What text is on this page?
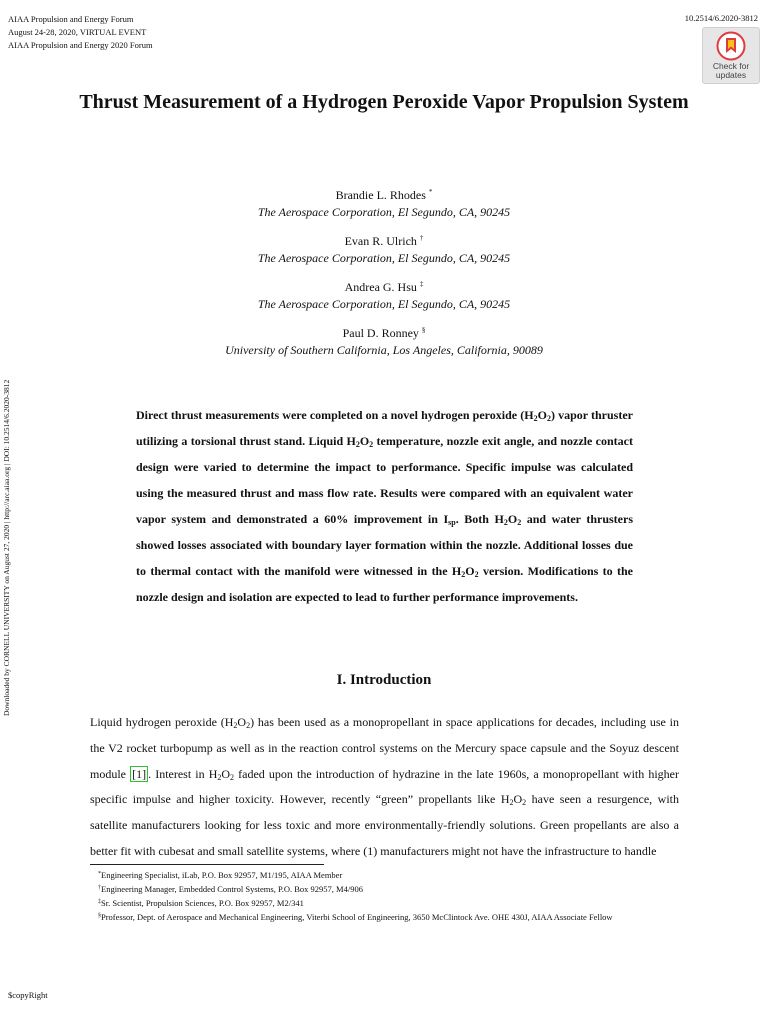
AIAA Propulsion and Energy Forum
August 24-28, 2020, VIRTUAL EVENT
AIAA Propulsion and Energy 2020 Forum
10.2514/6.2020-3812
Check for
updates
Downloaded by CORNELL UNIVERSITY on August 27, 2020 | http://arc.aiaa.org | DOI: 10.2514/6.2020-3812
Thrust Measurement of a Hydrogen Peroxide Vapor Propulsion System
Brandie L. Rhodes *
The Aerospace Corporation, El Segundo, CA, 90245
Evan R. Ulrich †
The Aerospace Corporation, El Segundo, CA, 90245
Andrea G. Hsu ‡
The Aerospace Corporation, El Segundo, CA, 90245
Paul D. Ronney §
University of Southern California, Los Angeles, California, 90089
Direct thrust measurements were completed on a novel hydrogen peroxide $(H_2O_2)$ vapor thruster utilizing a torsional thrust stand. Liquid $H_2O_2$ temperature, nozzle exit angle, and nozzle contact design were varied to determine the impact to performance. Specific impulse was calculated using the measured thrust and mass flow rate. Results were compared with an equivalent water vapor system and demonstrated a 60% improvement in $I_{sp}$. Both $H_2O_2$ and water thrusters showed losses associated with boundary layer formation within the nozzle. Additional losses due to thermal contact with the manifold were witnessed in the $H_2O_2$ version. Modifications to the nozzle design and isolation are expected to lead to further performance improvements.
I. Introduction
Liquid hydrogen peroxide $(H_2O_2)$ has been used as a monopropellant in space applications for decades, including use in the V2 rocket turbopump as well as in the reaction control systems on the Mercury space capsule and the Soyuz descent module [1] . Interest in $H_2O_2$ faded upon the introduction of hydrazine in the late 1960s, a monopropellant with higher specific impulse and higher toxicity. However, recently “green” propellants like $H_2O_2$ have seen a resurgence, with satellite manufacturers looking for less toxic and more environmentally-friendly solutions. Green propellants are also a better fit with cubesat and small satellite systems, where (1) manufacturers might not have the infrastructure to handle
*Engineering Specialist, iLab, P.O. Box 92957, M1/195, AIAA Member
†Engineering Manager, Embedded Control Systems, P.O. Box 92957, M4/906
‡Sr. Scientist, Propulsion Sciences, P.O. Box 92957, M2/341
§Professor, Dept. of Aerospace and Mechanical Engineering, Viterbi School of Engineering, 3650 McClintock Ave. OHE 430J, AIAA Associate Fellow
$copyRight
